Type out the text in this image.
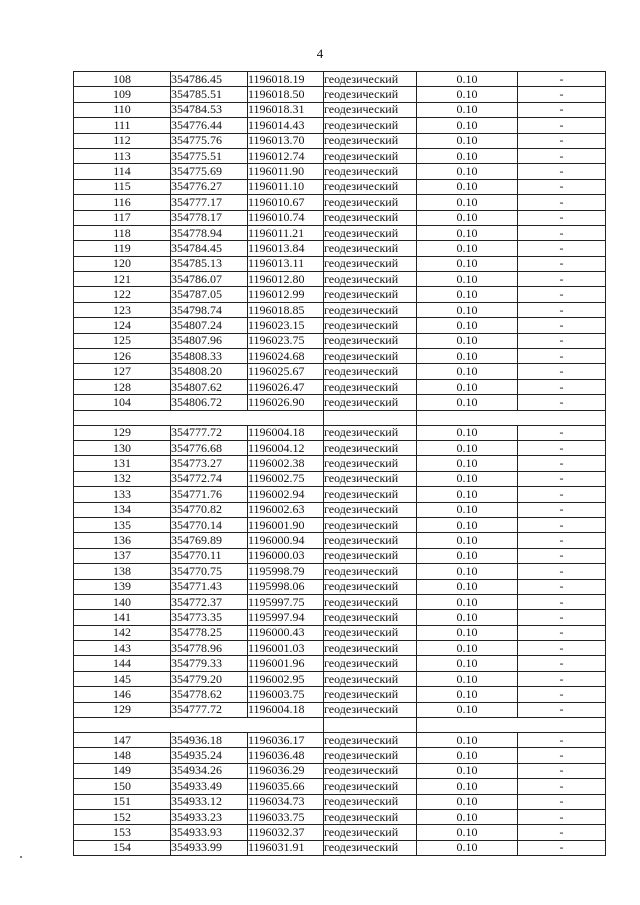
4
108	354786.45	1196018.19	геодезический	0.10	-
109	354785.51	1196018.50	геодезический	0.10	-
110	354784.53	1196018.31	геодезический	0.10	-
111	354776.44	1196014.43	геодезический	0.10	-
112	354775.76	1196013.70	геодезический	0.10	-
113	354775.51	1196012.74	геодезический	0.10	-
114	354775.69	1196011.90	геодезический	0.10	-
115	354776.27	1196011.10	геодезический	0.10	-
116	354777.17	1196010.67	геодезический	0.10	-
117	354778.17	1196010.74	геодезический	0.10	-
118	354778.94	1196011.21	геодезический	0.10	-
119	354784.45	1196013.84	геодезический	0.10	-
120	354785.13	1196013.11	геодезический	0.10	-
121	354786.07	1196012.80	геодезический	0.10	-
122	354787.05	1196012.99	геодезический	0.10	-
123	354798.74	1196018.85	геодезический	0.10	-
124	354807.24	1196023.15	геодезический	0.10	-
125	354807.96	1196023.75	геодезический	0.10	-
126	354808.33	1196024.68	геодезический	0.10	-
127	354808.20	1196025.67	геодезический	0.10	-
128	354807.62	1196026.47	геодезический	0.10	-
104	354806.72	1196026.90	геодезический	0.10	-

129	354777.72	1196004.18	геодезический	0.10	-
130	354776.68	1196004.12	геодезический	0.10	-
131	354773.27	1196002.38	геодезический	0.10	-
132	354772.74	1196002.75	геодезический	0.10	-
133	354771.76	1196002.94	геодезический	0.10	-
134	354770.82	1196002.63	геодезический	0.10	-
135	354770.14	1196001.90	геодезический	0.10	-
136	354769.89	1196000.94	геодезический	0.10	-
137	354770.11	1196000.03	геодезический	0.10	-
138	354770.75	1195998.79	геодезический	0.10	-
139	354771.43	1195998.06	геодезический	0.10	-
140	354772.37	1195997.75	геодезический	0.10	-
141	354773.35	1195997.94	геодезический	0.10	-
142	354778.25	1196000.43	геодезический	0.10	-
143	354778.96	1196001.03	геодезический	0.10	-
144	354779.33	1196001.96	геодезический	0.10	-
145	354779.20	1196002.95	геодезический	0.10	-
146	354778.62	1196003.75	геодезический	0.10	-
129	354777.72	1196004.18	геодезический	0.10	-

147	354936.18	1196036.17	геодезический	0.10	-
148	354935.24	1196036.48	геодезический	0.10	-
149	354934.26	1196036.29	геодезический	0.10	-
150	354933.49	1196035.66	геодезический	0.10	-
151	354933.12	1196034.73	геодезический	0.10	-
152	354933.23	1196033.75	геодезический	0.10	-
153	354933.93	1196032.37	геодезический	0.10	-
154	354933.99	1196031.91	геодезический	0.10	-
